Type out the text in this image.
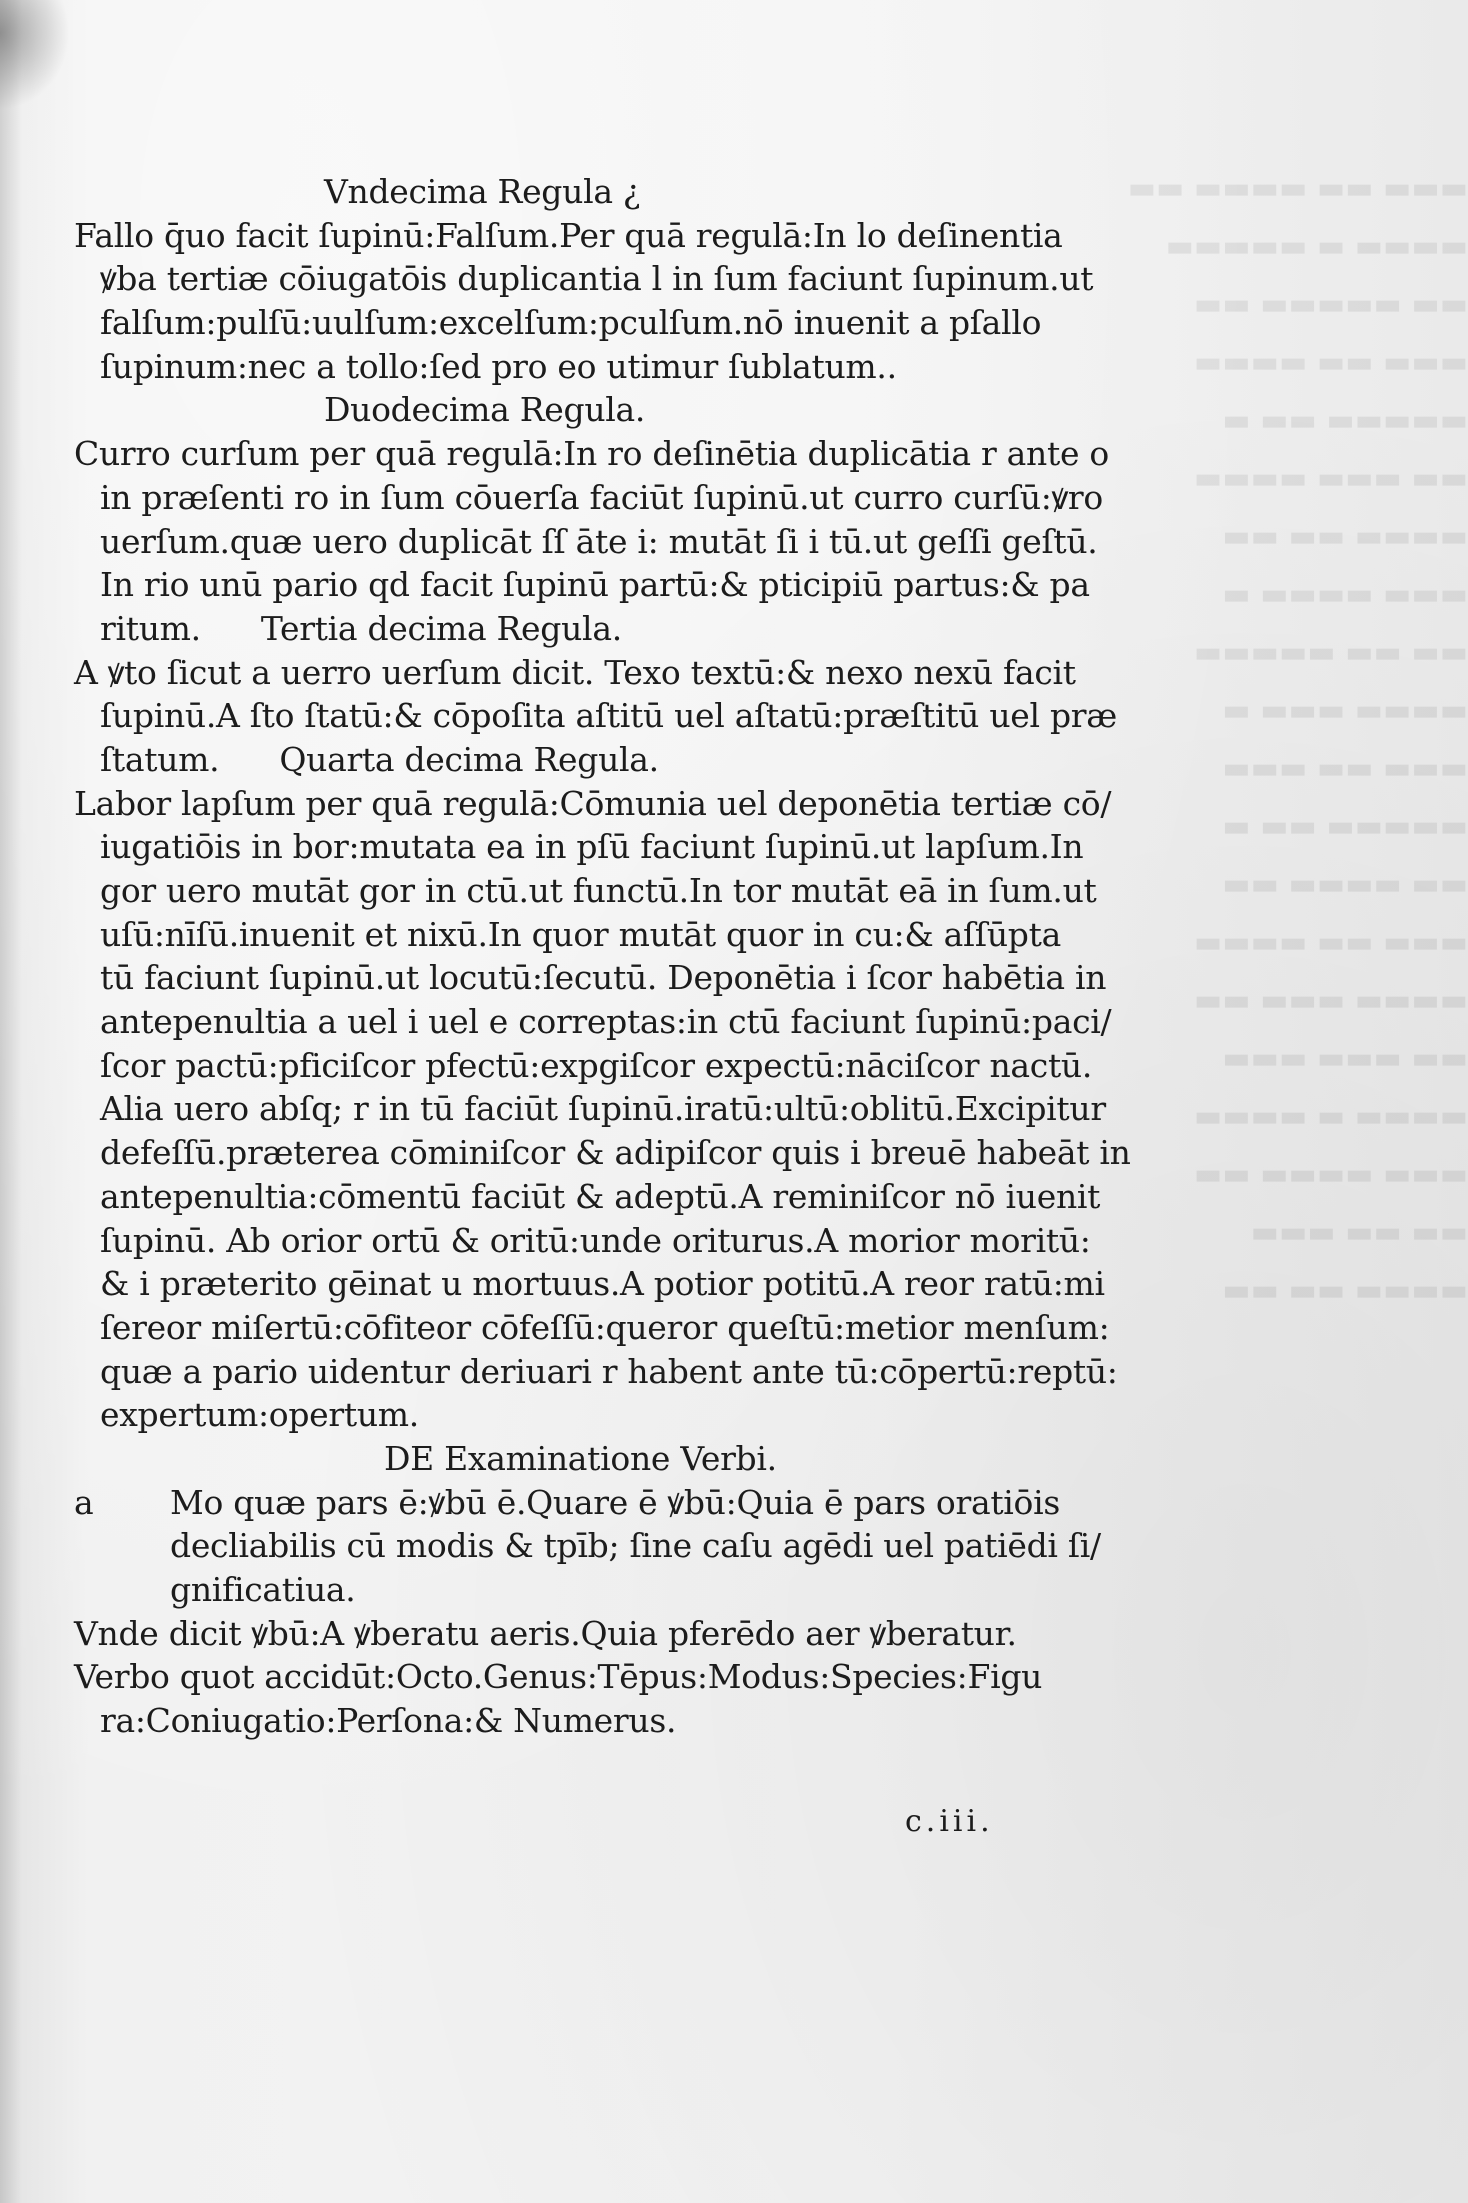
▬▬▬ ▬▬ ▬▬▬▬ ▬▬
▬▬▬▬ ▬ ▬▬▬▬▬
▬▬ ▬▬▬▬▬ ▬▬
▬▬▬ ▬▬ ▬▬▬▬
▬▬▬▬▬ ▬▬ ▬
▬▬ ▬▬▬ ▬▬▬▬
▬▬▬▬ ▬▬ ▬▬
▬▬▬ ▬▬▬▬ ▬
▬▬ ▬▬ ▬▬▬▬▬
▬▬▬▬ ▬▬▬ ▬
▬▬▬ ▬▬ ▬▬▬
▬▬▬▬▬ ▬▬ ▬
▬▬ ▬▬▬▬ ▬▬
▬▬▬ ▬▬ ▬▬▬▬
▬▬▬▬ ▬▬▬ ▬▬
▬▬ ▬▬▬ ▬▬▬
▬▬▬▬ ▬ ▬▬▬▬
▬▬▬ ▬▬▬▬ ▬▬
▬▬ ▬▬ ▬▬▬
▬▬▬▬ ▬▬ ▬▬
Vndecima Regula ¿
Fallo q̄uo facit ſupinū:Falſum.Per quā regulā:In lo deſinentia
ꝟba tertiæ cōiugatōis duplicantia l in ſum faciunt ſupinum.ut
falſum:pulſū:uulſum:excelſum:pculſum.nō inuenit a pſallo
ſupinum:nec a tollo:ſed pro eo utimur ſublatum..
Duodecima Regula.
Curro curſum per quā regulā:In ro deſinētia duplicātia r ante o
in præſenti ro in ſum cōuerſa faciūt ſupinū.ut curro curſū:ꝟro
uerſum.quæ uero duplicāt ſſ āte i: mutāt ſi i tū.ut geſſi geſtū.
In rio unū pario qd facit ſupinū partū:& pticipiū partus:& pa
ritum. Tertia decima Regula.
A ꝟto ſicut a uerro uerſum dicit. Texo textū:& nexo nexū facit
ſupinū.A ſto ſtatū:& cōpoſita aſtitū uel aſtatū:præſtitū uel præ
ſtatum. Quarta decima Regula.
Labor lapſum per quā regulā:Cōmunia uel deponētia tertiæ cō/
iugatiōis in bor:mutata ea in pſū faciunt ſupinū.ut lapſum.In
gor uero mutāt gor in ctū.ut functū.In tor mutāt eā in ſum.ut
uſū:nīſū.inuenit et nixū.In quor mutāt quor in cu:& aſſūpta
tū faciunt ſupinū.ut locutū:ſecutū. Deponētia i ſcor habētia in
antepenultia a uel i uel e correptas:in ctū faciunt ſupinū:paci/
ſcor pactū:pficiſcor pfectū:expgiſcor expectū:nāciſcor nactū.
Alia uero abſq; r in tū faciūt ſupinū.iratū:ultū:oblitū.Excipitur
defeſſū.præterea cōminiſcor & adipiſcor quis i breuē habeāt in
antepenultia:cōmentū faciūt & adeptū.A reminiſcor nō iuenit
ſupinū. Ab orior ortū & oritū:unde oriturus.A morior moritū:
& i præterito gēinat u mortuus.A potior potitū.A reor ratū:mi
ſereor miſertū:cōfiteor cōfeſſū:queror queſtū:metior menſum:
quæ a pario uidentur deriuari r habent ante tū:cōpertū:reptū:
expertum:opertum.
DE Examinatione Verbi.
a Mo quæ pars ē:ꝟbū ē.Quare ē ꝟbū:Quia ē pars oratiōis
decliabilis cū modis & tpīb; ſine caſu agēdi uel patiēdi ſi/
gnificatiua.
Vnde dicit ꝟbū:A ꝟberatu aeris.Quia pferēdo aer ꝟberatur.
Verbo quot accidūt:Octo.Genus:Tēpus:Modus:Species:Figu
ra:Coniugatio:Perſona:& Numerus.
c.iii.
